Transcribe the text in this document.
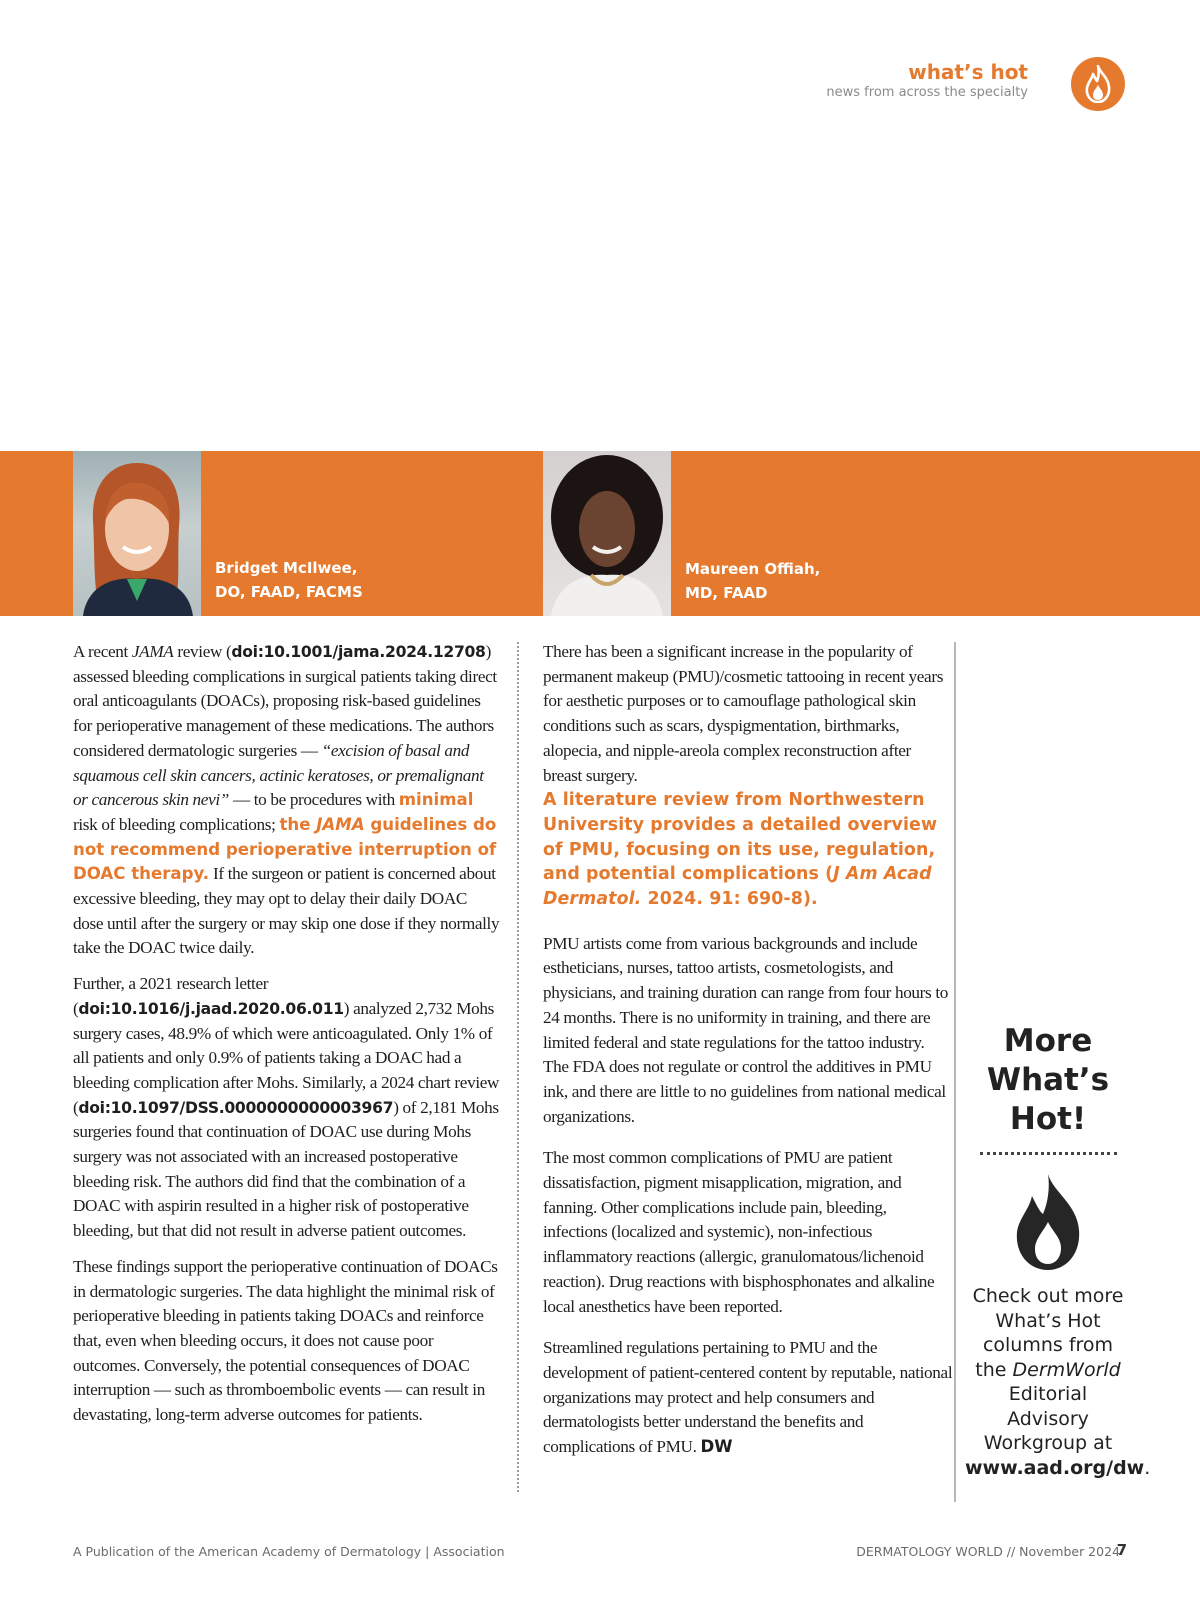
what’s hot
news from across the specialty
Bridget McIlwee,
DO, FAAD, FACMS
Maureen Offiah,
MD, FAAD

A recent JAMA review (doi:10.1001/jama.2024.12708) assessed bleeding complications in surgical patients taking direct oral anticoagulants (DOACs), proposing risk-based guidelines for perioperative management of these medications. The authors considered dermatologic surgeries — “excision of basal and squamous cell skin cancers, actinic keratoses, or premalignant or cancerous skin nevi” — to be procedures with minimal risk of bleeding complications; the JAMA guidelines do not recommend perioperative interruption of DOAC therapy. If the surgeon or patient is concerned about excessive bleeding, they may opt to delay their daily DOAC dose until after the surgery or may skip one dose if they normally take the DOAC twice daily.

Further, a 2021 research letter (doi:10.1016/j.jaad.2020.06.011) analyzed 2,732 Mohs surgery cases, 48.9% of which were anticoagulated. Only 1% of all patients and only 0.9% of patients taking a DOAC had a bleeding complication after Mohs. Similarly, a 2024 chart review (doi:10.1097/DSS.0000000000003967) of 2,181 Mohs surgeries found that continuation of DOAC use during Mohs surgery was not associated with an increased postoperative bleeding risk. The authors did find that the combination of a DOAC with aspirin resulted in a higher risk of postoperative bleeding, but that did not result in adverse patient outcomes.

These findings support the perioperative continuation of DOACs in dermatologic surgeries. The data highlight the minimal risk of perioperative bleeding in patients taking DOACs and reinforce that, even when bleeding occurs, it does not cause poor outcomes. Conversely, the potential consequences of DOAC interruption — such as thromboembolic events — can result in devastating, long-term adverse outcomes for patients.

There has been a significant increase in the popularity of permanent makeup (PMU)/cosmetic tattooing in recent years for aesthetic purposes or to camouflage pathological skin conditions such as scars, dyspigmentation, birthmarks, alopecia, and nipple-areola complex reconstruction after breast surgery.
A literature review from Northwestern University provides a detailed overview of PMU, focusing on its use, regulation, and potential complications (J Am Acad Dermatol. 2024. 91: 690-8).

PMU artists come from various backgrounds and include estheticians, nurses, tattoo artists, cosmetologists, and physicians, and training duration can range from four hours to 24 months. There is no uniformity in training, and there are limited federal and state regulations for the tattoo industry. The FDA does not regulate or control the additives in PMU ink, and there are little to no guidelines from national medical organizations.

The most common complications of PMU are patient dissatisfaction, pigment misapplication, migration, and fanning. Other complications include pain, bleeding, infections (localized and systemic), non-infectious inflammatory reactions (allergic, granulomatous/lichenoid reaction). Drug reactions with bisphosphonates and alkaline local anesthetics have been reported.

Streamlined regulations pertaining to PMU and the development of patient-centered content by reputable, national organizations may protect and help consumers and dermatologists better understand the benefits and complications of PMU. DW

More
What’s
Hot!
Check out more What’s Hot columns from the DermWorld Editorial Advisory Workgroup at www.aad.org/dw.
A Publication of the American Academy of Dermatology | Association	DERMATOLOGY WORLD // November 2024
7
